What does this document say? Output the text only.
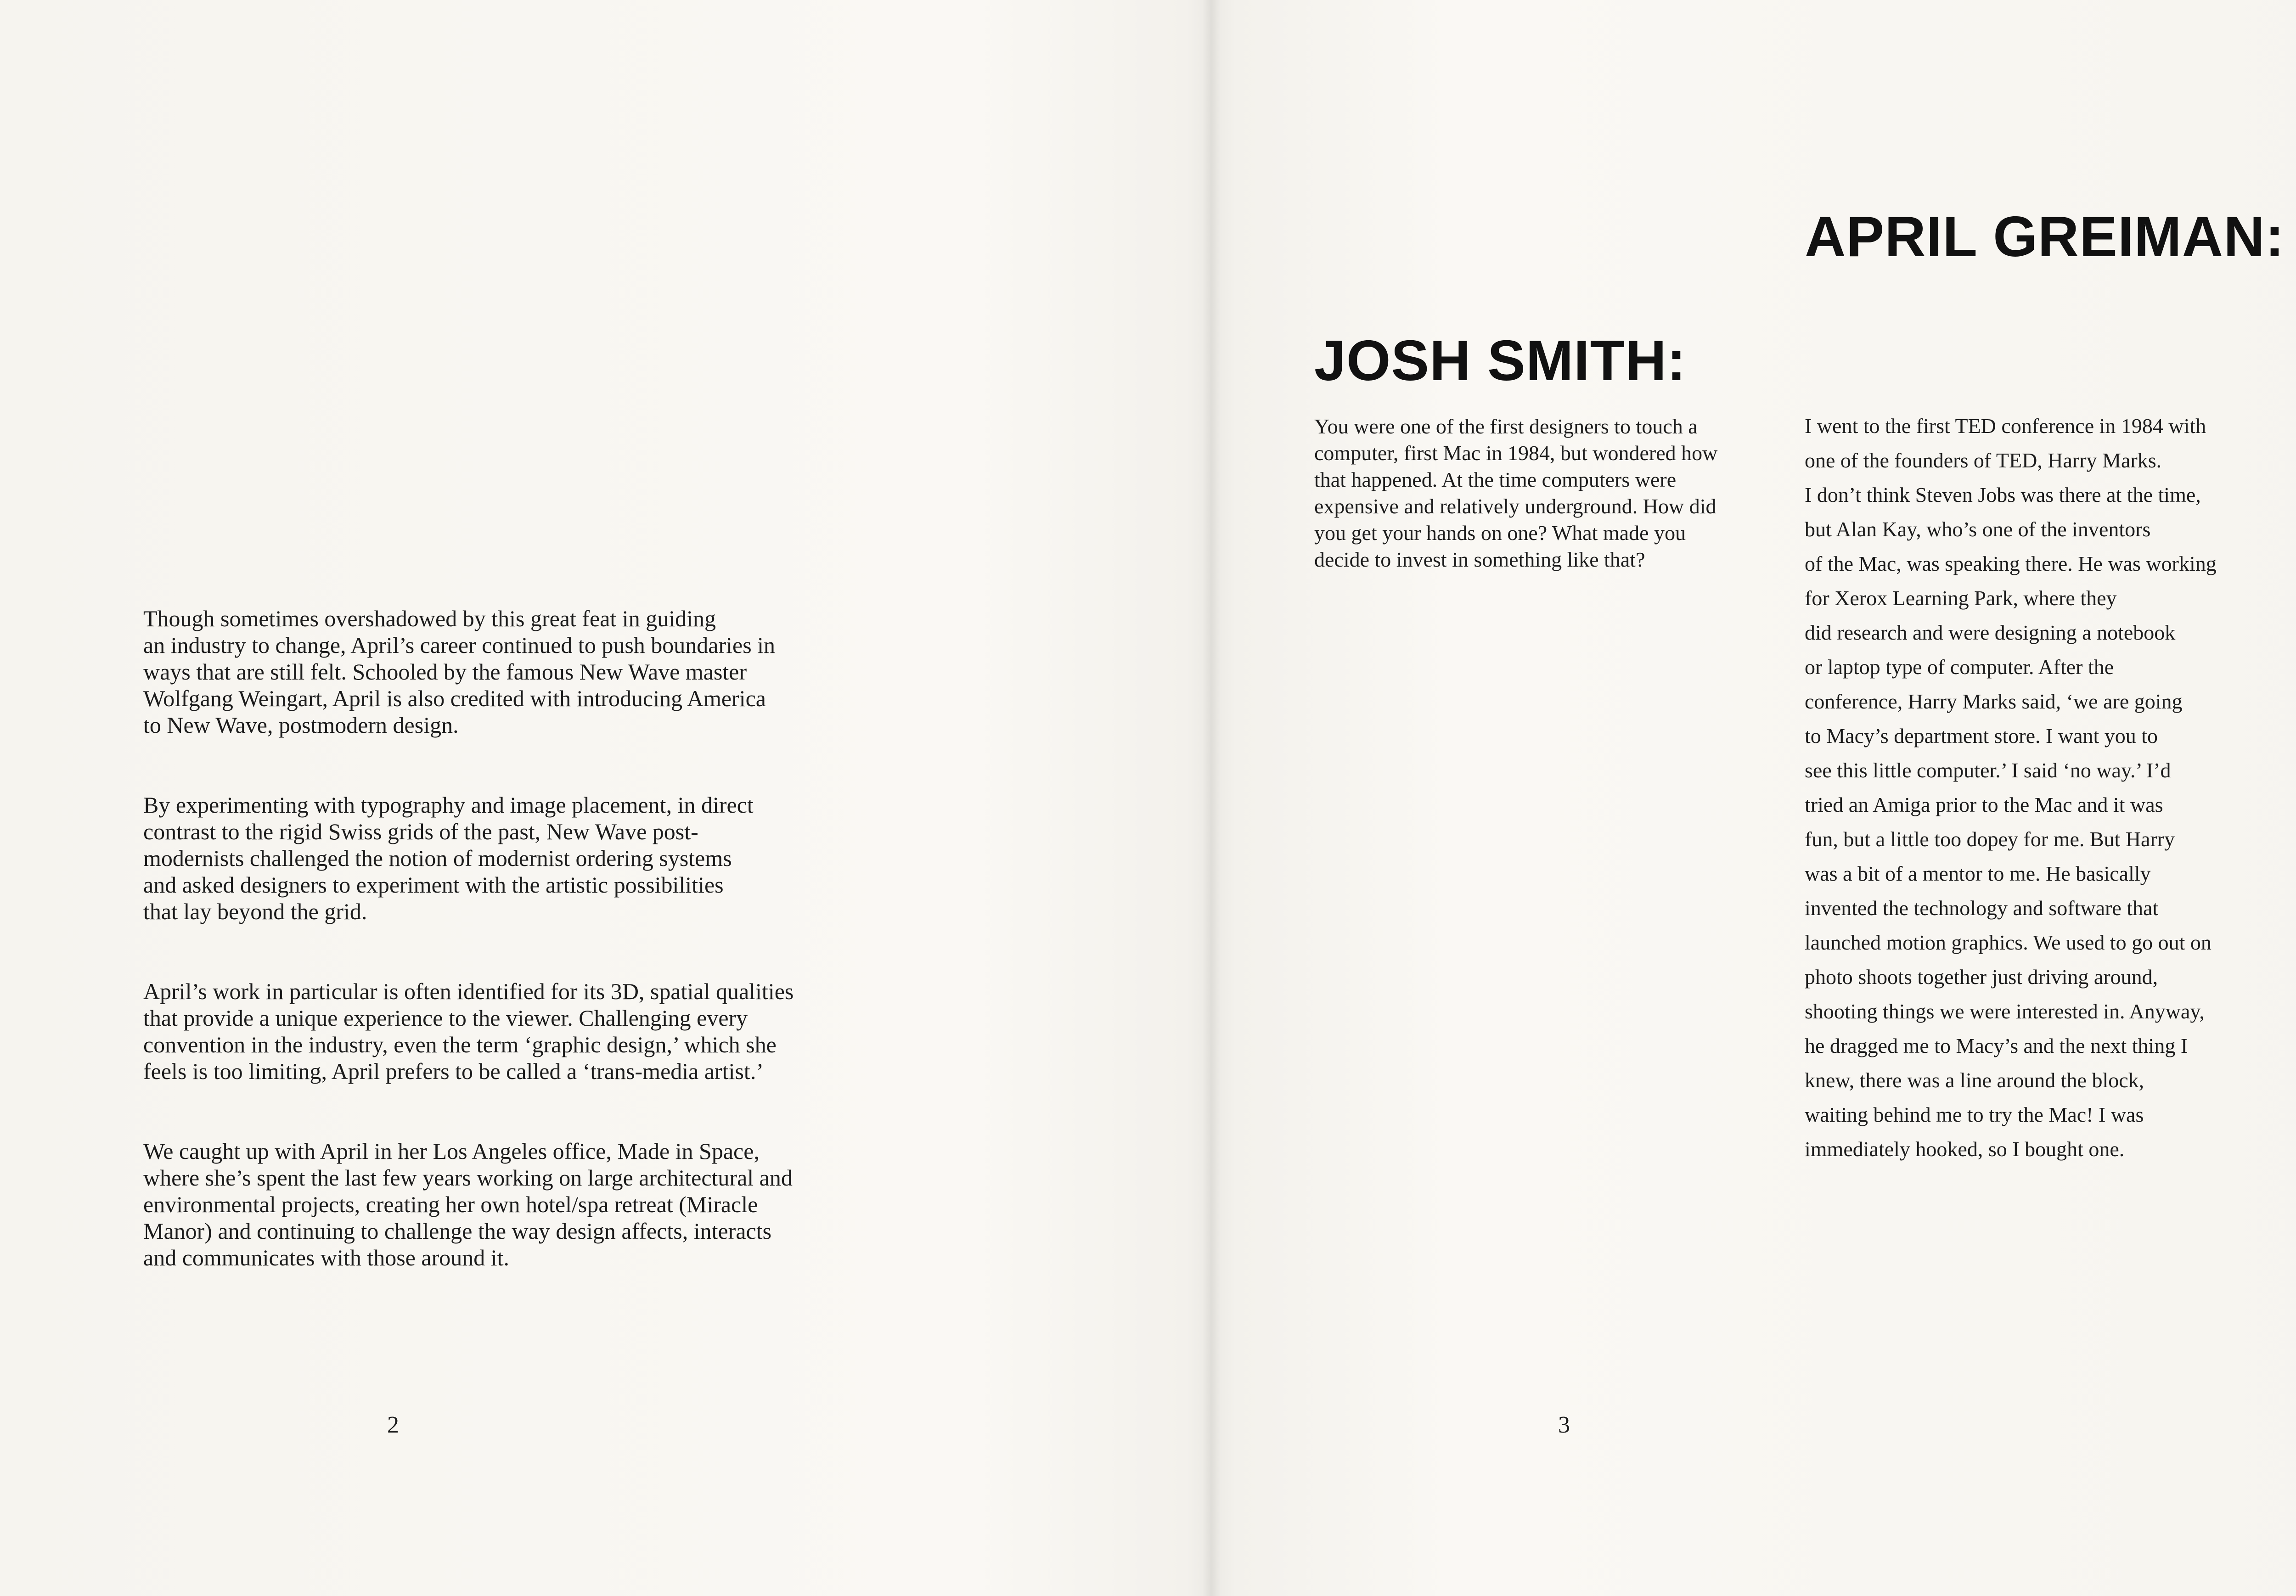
Though sometimes overshadowed by this great feat in guiding
an industry to change, April’s career continued to push boundaries in
ways that are still felt. Schooled by the famous New Wave master
Wolfgang Weingart, April is also credited with introducing America
to New Wave, postmodern design.

By experimenting with typography and image placement, in direct
contrast to the rigid Swiss grids of the past, New Wave post-
modernists challenged the notion of modernist ordering systems
and asked designers to experiment with the artistic possibilities
that lay beyond the grid.

April’s work in particular is often identified for its 3D, spatial qualities
that provide a unique experience to the viewer. Challenging every
convention in the industry, even the term ‘graphic design,’ which she
feels is too limiting, April prefers to be called a ‘trans-media artist.’

We caught up with April in her Los Angeles office, Made in Space,
where she’s spent the last few years working on large architectural and
environmental projects, creating her own hotel/spa retreat (Miracle
Manor) and continuing to challenge the way design affects, interacts
and communicates with those around it.

2
APRIL GREIMAN:
JOSH SMITH:
You were one of the first designers to touch a
computer, first Mac in 1984, but wondered how
that happened. At the time computers were
expensive and relatively underground. How did
you get your hands on one? What made you
decide to invest in something like that?
I went to the first TED conference in 1984 with
one of the founders of TED, Harry Marks.
I don’t think Steven Jobs was there at the time,
but Alan Kay, who’s one of the inventors
of the Mac, was speaking there. He was working
for Xerox Learning Park, where they
did research and were designing a notebook
or laptop type of computer. After the
conference, Harry Marks said, ‘we are going
to Macy’s department store. I want you to
see this little computer.’ I said ‘no way.’ I’d
tried an Amiga prior to the Mac and it was
fun, but a little too dopey for me. But Harry
was a bit of a mentor to me. He basically
invented the technology and software that
launched motion graphics. We used to go out on
photo shoots together just driving around,
shooting things we were interested in. Anyway,
he dragged me to Macy’s and the next thing I
knew, there was a line around the block,
waiting behind me to try the Mac! I was
immediately hooked, so I bought one.
3
